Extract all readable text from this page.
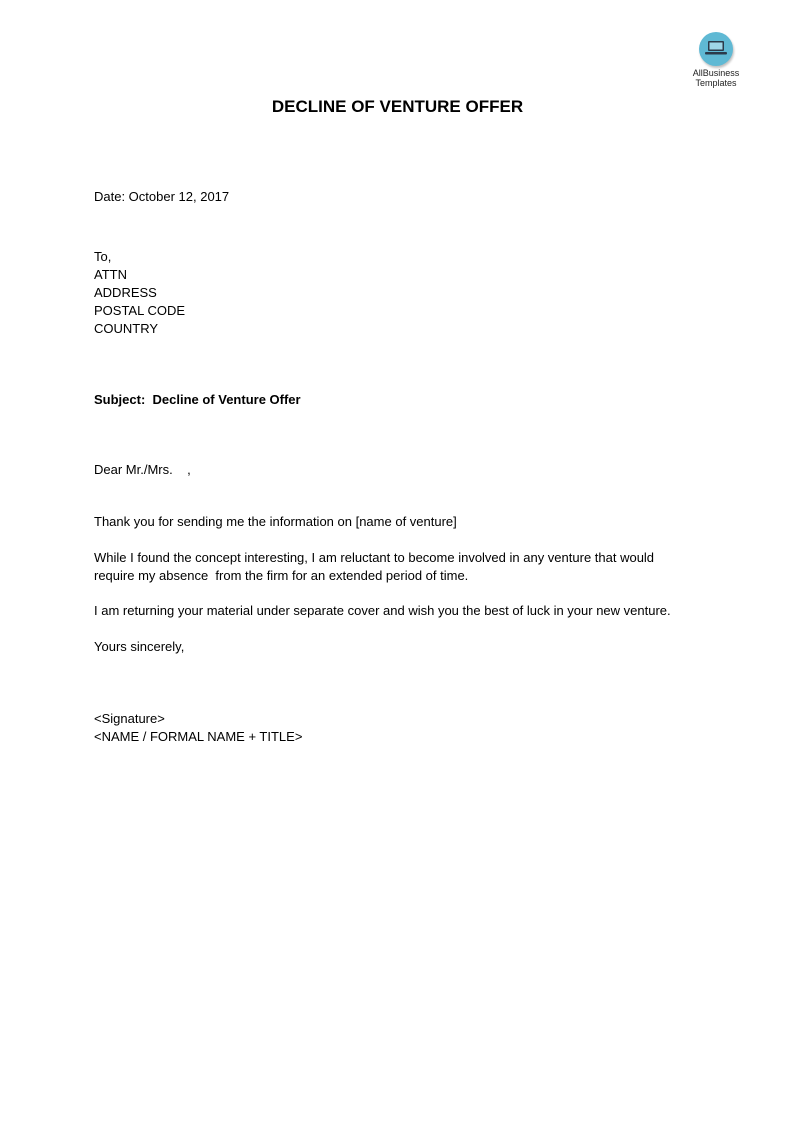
AllBusiness
Templates
DECLINE OF VENTURE OFFER
Date: October 12, 2017
To,
ATTN
ADDRESS
POSTAL CODE
COUNTRY
Subject:  Decline of Venture Offer
Dear Mr./Mrs.    ,
Thank you for sending me the information on [name of venture]
While I found the concept interesting, I am reluctant to become involved in any venture that would
require my absence  from the firm for an extended period of time.
I am returning your material under separate cover and wish you the best of luck in your new venture.
Yours sincerely,
<Signature>
<NAME / FORMAL NAME + TITLE>
